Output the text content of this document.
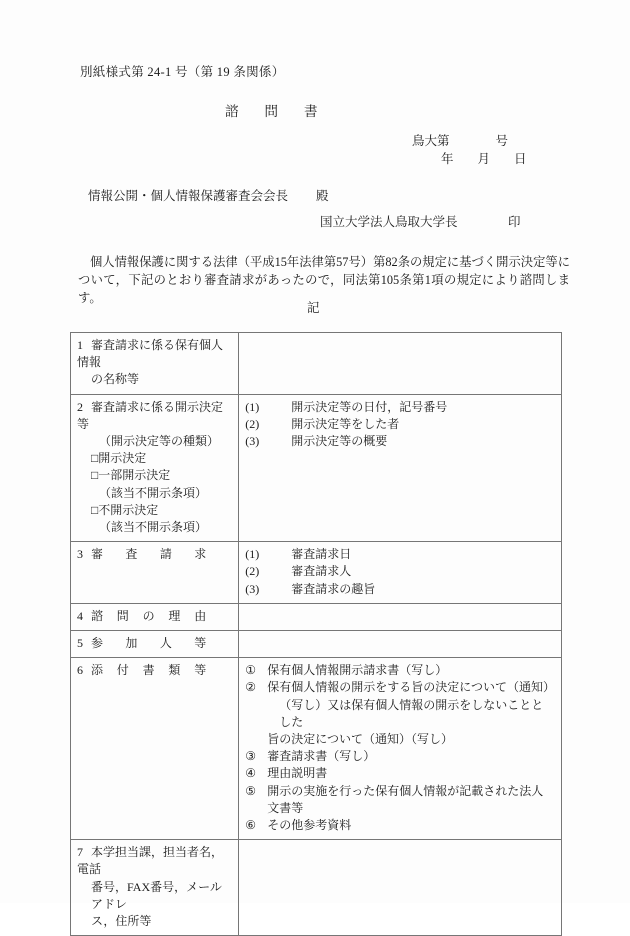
別紙様式第 24-1 号（第 19 条関係）
諮問書
鳥大第	号
年 月 日
情報公開・個人情報保護審査会会長 殿
国立大学法人鳥取大学長	印
個人情報保護に関する法律（平成15年法律第57号）第82条の規定に基づく開示決定等について，下記のとおり審査請求があったので，同法第105条第1項の規定により諮問します。
記
1 審査請求に係る保有個人情報
の名称等	

2 審査請求に係る開示決定等
（開示決定等の種類）
□開示決定
□一部開示決定
（該当不開示条項）
□不開示決定
（該当不開示条項）

(1)	開示決定等の日付，記号番号
(2)	開示決定等をした者
(3)	開示決定等の概要

3 審 査 請 求	(1)	審査請求日
(2)	審査請求人
(3)	審査請求の趣旨

4 諮 問 の 理 由

5 参 加 人 等	

6 添 付 書 類 等	① 保有個人情報開示請求書（写し）
② 保有個人情報の開示をする旨の決定について（通知）
（写し）又は保有個人情報の開示をしないこととした
旨の決定について（通知）（写し）
③ 審査請求書（写し）
④ 理由説明書
⑤ 開示の実施を行った保有個人情報が記載された法人
文書等
⑥ その他参考資料

7 本学担当課，担当者名，電話
番号，FAX番号，メールアドレ
ス，住所等	
